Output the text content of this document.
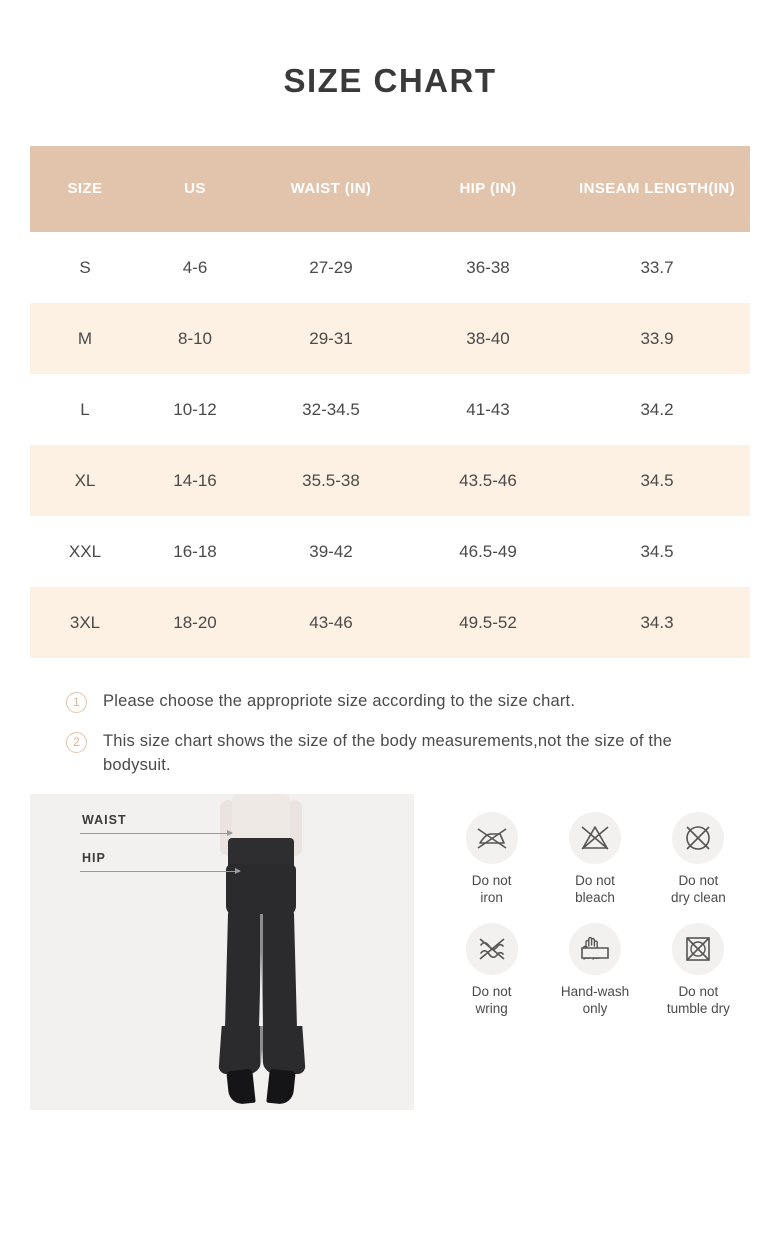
SIZE CHART
SIZE	US	WAIST (IN)	HIP (IN)	INSEAM LENGTH(IN)
S	4-6	27-29	36-38	33.7
M	8-10	29-31	38-40	33.9
L	10-12	32-34.5	41-43	34.2
XL	14-16	35.5-38	43.5-46	34.5
XXL	16-18	39-42	46.5-49	34.5
3XL	18-20	43-46	49.5-52	34.3
1	Please choose the appropriote size according to the size chart.
2	This size chart shows the size of the body measurements,not the size of the bodysuit.
WAIST
HIP
Do not
iron
Do not
bleach
Do not
dry clean
Do not
wring
Hand-wash
only
Do not
tumble dry
